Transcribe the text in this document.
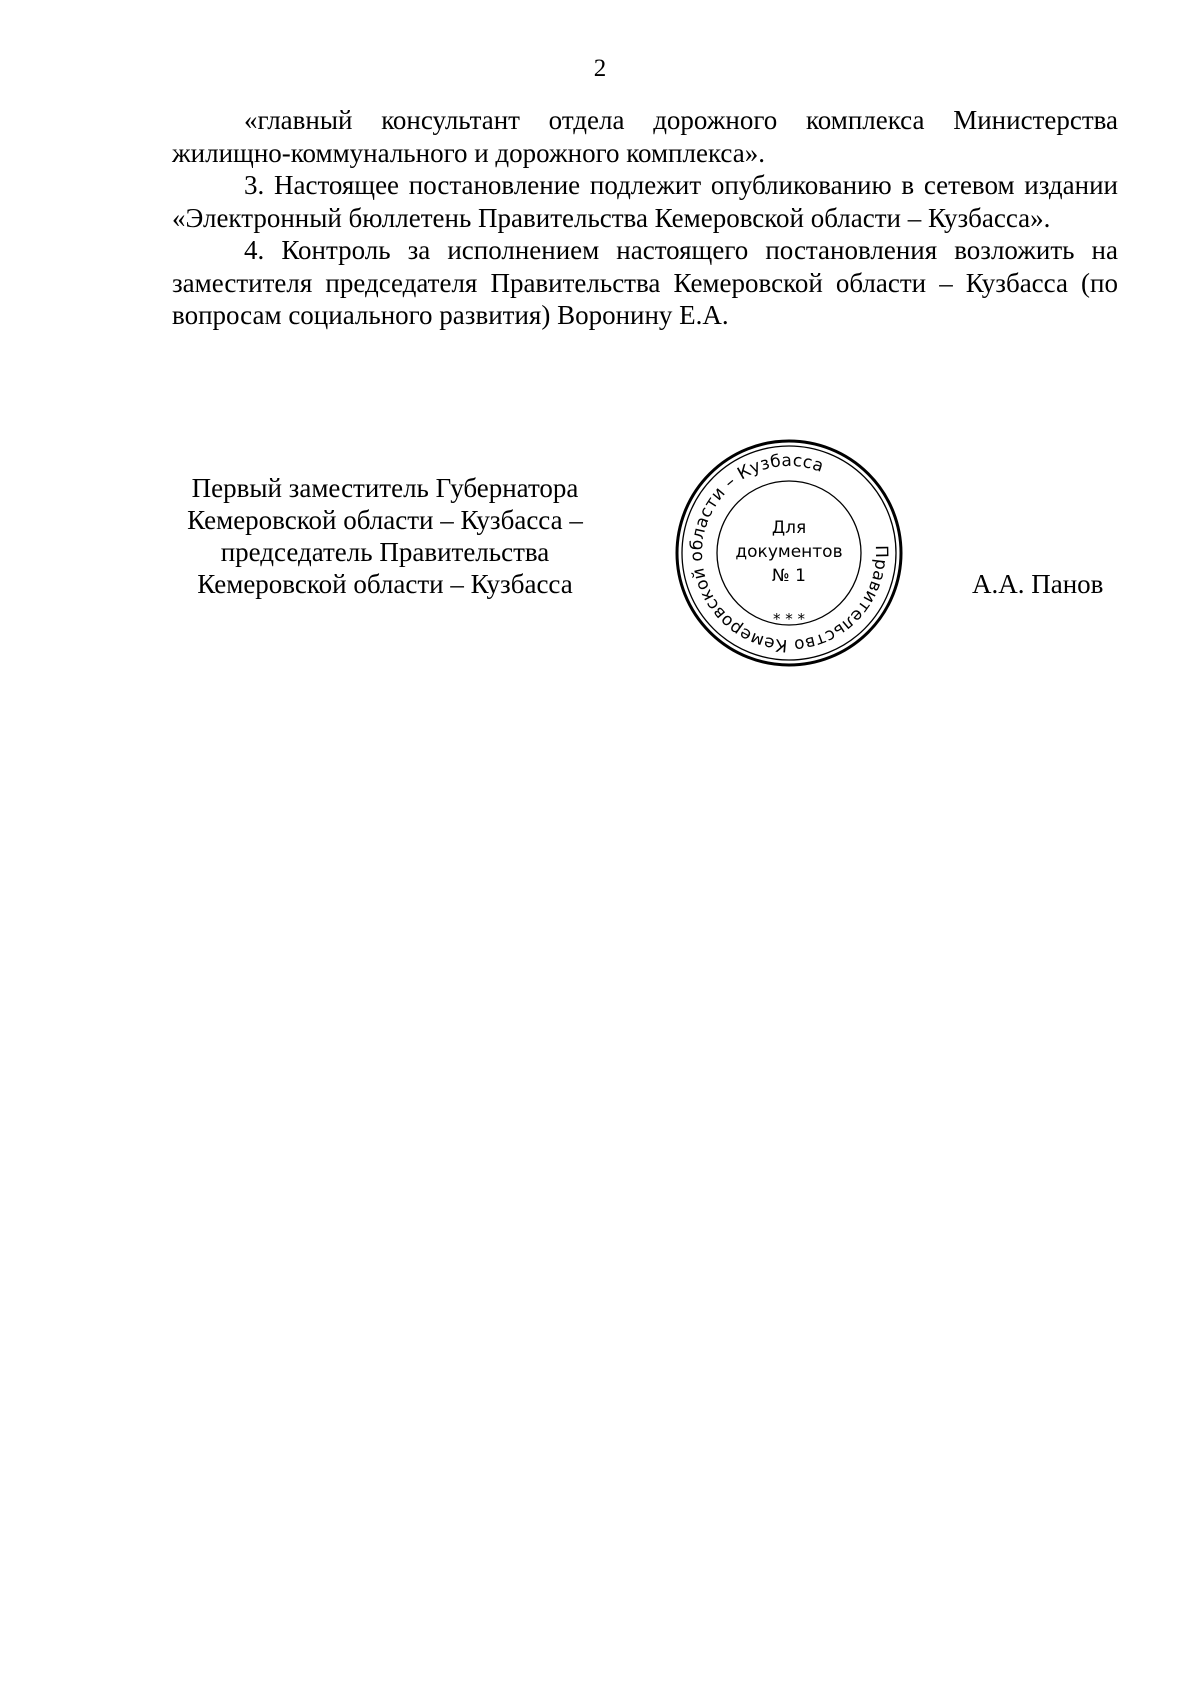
2

«главный консультант отдела дорожного комплекса Министерства жилищно-коммунального и дорожного комплекса».

3. Настоящее постановление подлежит опубликованию в сетевом издании «Электронный бюллетень Правительства Кемеровской области – Кузбасса».

4. Контроль за исполнением настоящего постановления возложить на заместителя председателя Правительства Кемеровской области – Кузбасса (по вопросам социального развития) Воронину Е.А.

Первый заместитель Губернатора
Кемеровской области – Кузбасса –
председатель Правительства
Кемеровской области – Кузбасса
Правительство Кемеровской области – Кузбасса
* * *
Для
документов
№ 1	А.А. Панов
